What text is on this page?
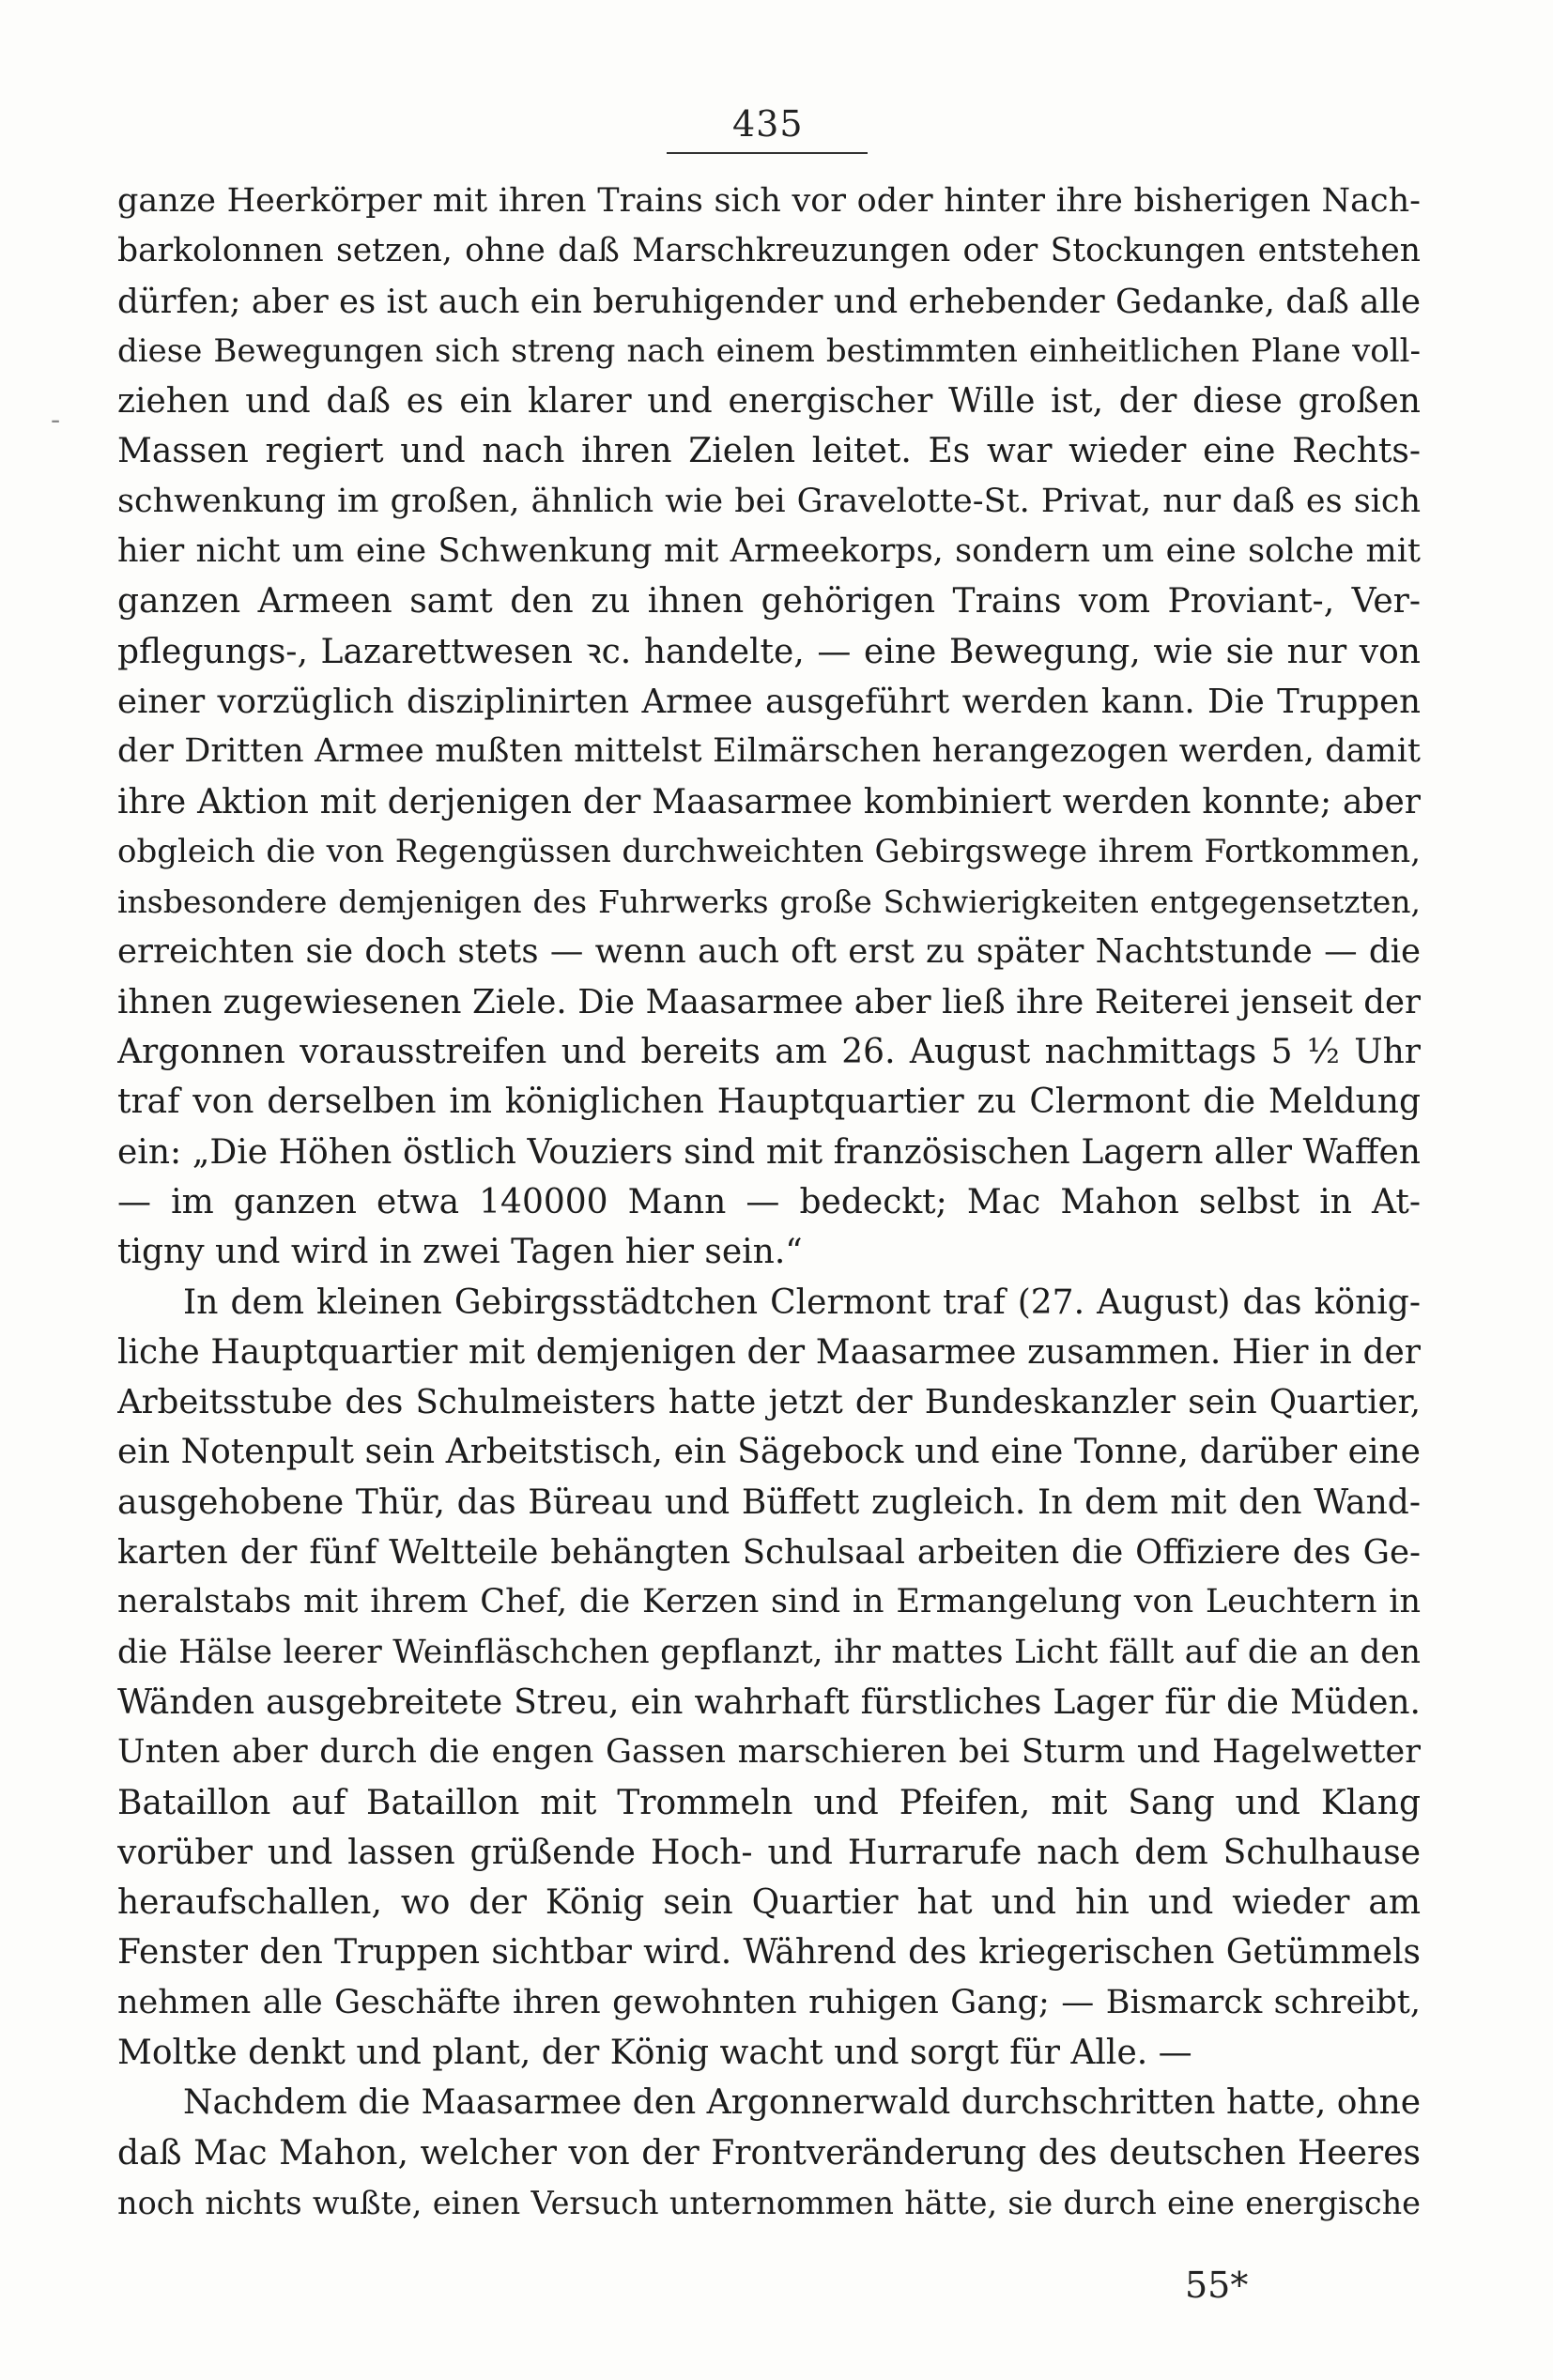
435
-
ganze Heerkörper mit ihren Trains sich vor oder hinter ihre bisherigen Nach-
barkolonnen setzen, ohne daß Marschkreuzungen oder Stockungen entstehen
dürfen; aber es ist auch ein beruhigender und erhebender Gedanke, daß alle
diese Bewegungen sich streng nach einem bestimmten einheitlichen Plane voll-
ziehen und daß es ein klarer und energischer Wille ist, der diese großen
Massen regiert und nach ihren Zielen leitet. Es war wieder eine Rechts-
schwenkung im großen, ähnlich wie bei Gravelotte-St. Privat, nur daß es sich
hier nicht um eine Schwenkung mit Armeekorps, sondern um eine solche mit
ganzen Armeen samt den zu ihnen gehörigen Trains vom Proviant-, Ver-
pflegungs-, Lazarettwesen ꝛc. handelte, — eine Bewegung, wie sie nur von
einer vorzüglich disziplinirten Armee ausgeführt werden kann. Die Truppen
der Dritten Armee mußten mittelst Eilmärschen herangezogen werden, damit
ihre Aktion mit derjenigen der Maasarmee kombiniert werden konnte; aber
obgleich die von Regengüssen durchweichten Gebirgswege ihrem Fortkommen,
insbesondere demjenigen des Fuhrwerks große Schwierigkeiten entgegensetzten,
erreichten sie doch stets — wenn auch oft erst zu später Nachtstunde — die
ihnen zugewiesenen Ziele. Die Maasarmee aber ließ ihre Reiterei jenseit der
Argonnen vorausstreifen und bereits am 26. August nachmittags 5 ½ Uhr
traf von derselben im königlichen Hauptquartier zu Clermont die Meldung
ein: „Die Höhen östlich Vouziers sind mit französischen Lagern aller Waffen
— im ganzen etwa 140000 Mann — bedeckt; Mac Mahon selbst in At-
tigny und wird in zwei Tagen hier sein.“
In dem kleinen Gebirgsstädtchen Clermont traf (27. August) das könig-
liche Hauptquartier mit demjenigen der Maasarmee zusammen. Hier in der
Arbeitsstube des Schulmeisters hatte jetzt der Bundeskanzler sein Quartier,
ein Notenpult sein Arbeitstisch, ein Sägebock und eine Tonne, darüber eine
ausgehobene Thür, das Büreau und Büffett zugleich. In dem mit den Wand-
karten der fünf Weltteile behängten Schulsaal arbeiten die Offiziere des Ge-
neralstabs mit ihrem Chef, die Kerzen sind in Ermangelung von Leuchtern in
die Hälse leerer Weinfläschchen gepflanzt, ihr mattes Licht fällt auf die an den
Wänden ausgebreitete Streu, ein wahrhaft fürstliches Lager für die Müden.
Unten aber durch die engen Gassen marschieren bei Sturm und Hagelwetter
Bataillon auf Bataillon mit Trommeln und Pfeifen, mit Sang und Klang
vorüber und lassen grüßende Hoch- und Hurrarufe nach dem Schulhause
heraufschallen, wo der König sein Quartier hat und hin und wieder am
Fenster den Truppen sichtbar wird. Während des kriegerischen Getümmels
nehmen alle Geschäfte ihren gewohnten ruhigen Gang; — Bismarck schreibt,
Moltke denkt und plant, der König wacht und sorgt für Alle. —
Nachdem die Maasarmee den Argonnerwald durchschritten hatte, ohne
daß Mac Mahon, welcher von der Frontveränderung des deutschen Heeres
noch nichts wußte, einen Versuch unternommen hätte, sie durch eine energische
55*
